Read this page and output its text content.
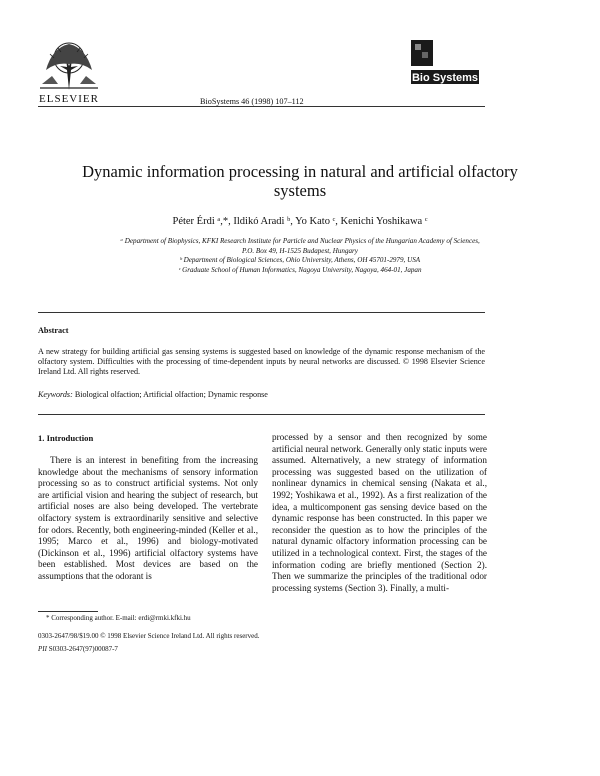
ELSEVIER	BioSystems 46 (1998) 107–112
Bio Systems
Dynamic information processing in natural and artificial olfactory systems
Péter Érdi ᵃ,*, Ildikó Aradi ᵇ, Yo Kato ᶜ, Kenichi Yoshikawa ᶜ
ᵃ Department of Biophysics, KFKI Research Institute for Particle and Nuclear Physics of the Hungarian Academy of Sciences,
P.O. Box 49, H-1525 Budapest, Hungary
ᵇ Department of Biological Sciences, Ohio University, Athens, OH 45701-2979, USA
ᶜ Graduate School of Human Informatics, Nagoya University, Nagoya, 464-01, Japan
Abstract
A new strategy for building artificial gas sensing systems is suggested based on knowledge of the dynamic response mechanism of the olfactory system. Difficulties with the processing of time-dependent inputs by neural networks are discussed. © 1998 Elsevier Science Ireland Ltd. All rights reserved.
Keywords: Biological olfaction; Artificial olfaction; Dynamic response
1. Introduction

There is an interest in benefiting from the increasing knowledge about the mechanisms of sensory information processing so as to construct artificial systems. Not only are artificial vision and hearing the subject of research, but artificial noses are also being developed. The vertebrate olfactory system is extraordinarily sensitive and selective for odors. Recently, both engineering-minded (Keller et al., 1995; Marco et al., 1996) and biology-motivated (Dickinson et al., 1996) artificial olfactory systems have been established. Most devices are based on the assumptions that the odorant is

processed by a sensor and then recognized by some artificial neural network. Generally only static inputs were assumed. Alternatively, a new strategy of information processing was suggested based on the utilization of nonlinear dynamics in chemical sensing (Nakata et al., 1992; Yoshikawa et al., 1992). As a first realization of the idea, a multicomponent gas sensing device based on the dynamic response has been constructed. In this paper we reconsider the question as to how the principles of the natural dynamic olfactory information processing can be utilized in a technological context. First, the stages of the information coding are briefly mentioned (Section 2). Then we summarize the principles of the traditional odor processing systems (Section 3). Finally, a multi-

* Corresponding author. E-mail: erdi@rmki.kfki.hu
0303-2647/98/$19.00 © 1998 Elsevier Science Ireland Ltd. All rights reserved.
PII S0303-2647(97)00087-7
